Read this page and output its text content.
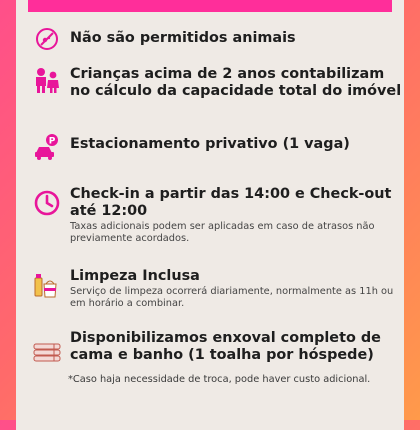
Não são permitidos animais
Crianças acima de 2 anos contabilizam no cálculo da capacidade total do imóvel
P Estacionamento privativo (1 vaga)
Check-in a partir das 14:00 e Check-out até 12:00
Taxas adicionais podem ser aplicadas em caso de atrasos não previamente acordados.
Limpeza Inclusa
Serviço de limpeza ocorrerá diariamente, normalmente as 11h ou em horário a combinar.
Disponibilizamos enxoval completo de cama e banho (1 toalha por hóspede)
*Caso haja necessidade de troca, pode haver custo adicional.
